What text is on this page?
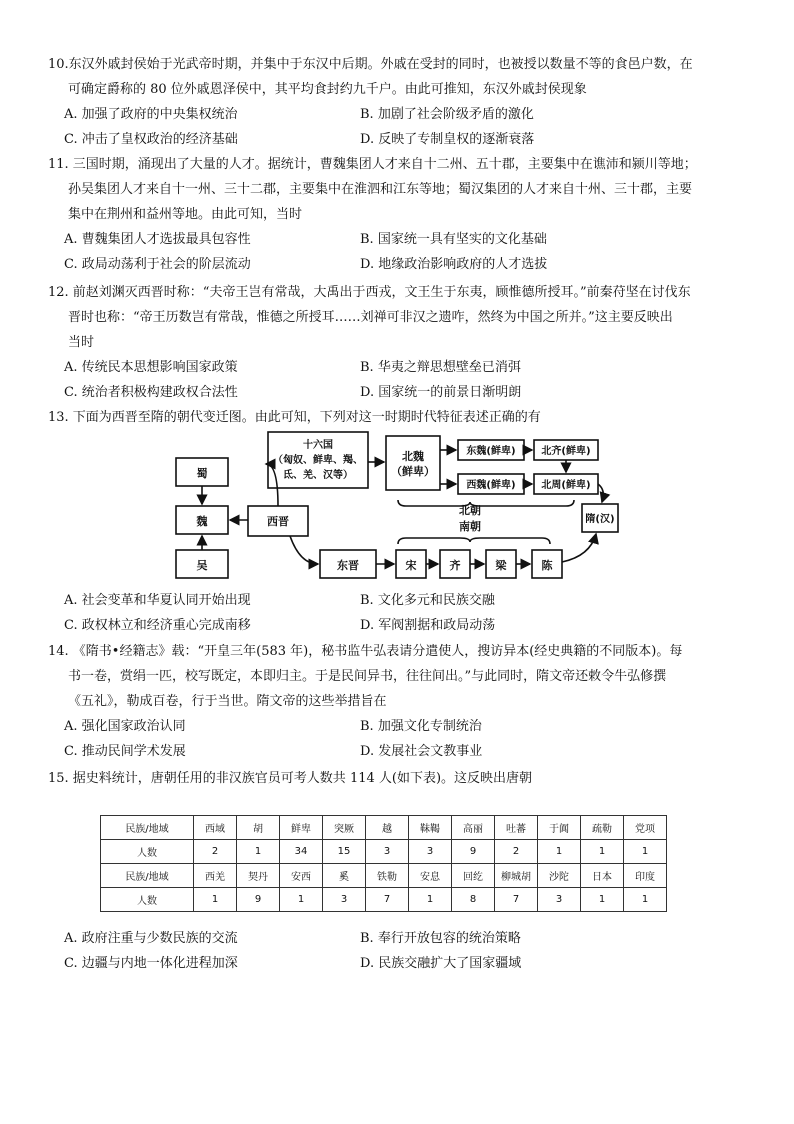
10.东汉外戚封侯始于光武帝时期，并集中于东汉中后期。外戚在受封的同时，也被授以数量不等的食邑户数，在
可确定爵称的 80 位外戚恩泽侯中，其平均食封约九千户。由此可推知，东汉外戚封侯现象
A. 加强了政府的中央集权统治	B. 加剧了社会阶级矛盾的激化
C. 冲击了皇权政治的经济基础	D. 反映了专制皇权的逐渐衰落
11. 三国时期，涌现出了大量的人才。据统计，曹魏集团人才来自十二州、五十郡，主要集中在谯沛和颍川等地；
孙吴集团人才来自十一州、三十二郡，主要集中在淮泗和江东等地；蜀汉集团的人才来自十州、三十郡，主要
集中在荆州和益州等地。由此可知，当时
A. 曹魏集团人才选拔最具包容性	B. 国家统一具有坚实的文化基础
C. 政局动荡利于社会的阶层流动	D. 地缘政治影响政府的人才选拔
12. 前赵刘渊灭西晋时称：“夫帝王岂有常哉，大禹出于西戎，文王生于东夷，顾惟德所授耳。”前秦苻坚在讨伐东
晋时也称：“帝王历数岂有常哉，惟德之所授耳……刘禅可非汉之遗咋，然终为中国之所并。”这主要反映出
当时
A. 传统民本思想影响国家政策	B. 华夷之辩思想壁垒已消弭
C. 统治者积极构建政权合法性	D. 国家统一的前景日渐明朗
13. 下面为西晋至隋的朝代变迁图。由此可知，下列对这一时期时代特征表述正确的有
蜀
魏
吴
西晋
十六国
（匈奴、鲜卑、羯、
氐、羌、汉等）
北魏
（鲜卑）
东魏(鲜卑)
西魏(鲜卑)
北齐(鲜卑)
北周(鲜卑)
东晋	宋	齐	梁	陈
隋(汉)
北朝
南朝
A. 社会变革和华夏认同开始出现	B. 文化多元和民族交融
C. 政权林立和经济重心完成南移	D. 军阀割据和政局动荡
14. 《隋书•经籍志》载：“开皇三年(583 年)，秘书监牛弘表请分遣使人，搜访异本(经史典籍的不同版本)。每
书一卷，赏绢一匹，校写既定，本即归主。于是民间异书，往往间出。”与此同时，隋文帝还敕令牛弘修撰
《五礼》，勒成百卷，行于当世。隋文帝的这些举措旨在
A. 强化国家政治认同	B. 加强文化专制统治
C. 推动民间学术发展	D. 发展社会文教事业
15. 据史料统计，唐朝任用的非汉族官员可考人数共 114 人(如下表)。这反映出唐朝
民族/地域	西域	胡	鲜卑	突厥	越	靺鞨	高丽	吐蕃	于阗	疏勒	党项
人数	2	1	34	15	3	3	9	2	1	1	1
民族/地域	西羌	契丹	安西	奚	铁勒	安息	回纥	柳城胡	沙陀	日本	印度
人数	1	9	1	3	7	1	8	7	3	1	1
A. 政府注重与少数民族的交流	B. 奉行开放包容的统治策略
C. 边疆与内地一体化进程加深	D. 民族交融扩大了国家疆域
